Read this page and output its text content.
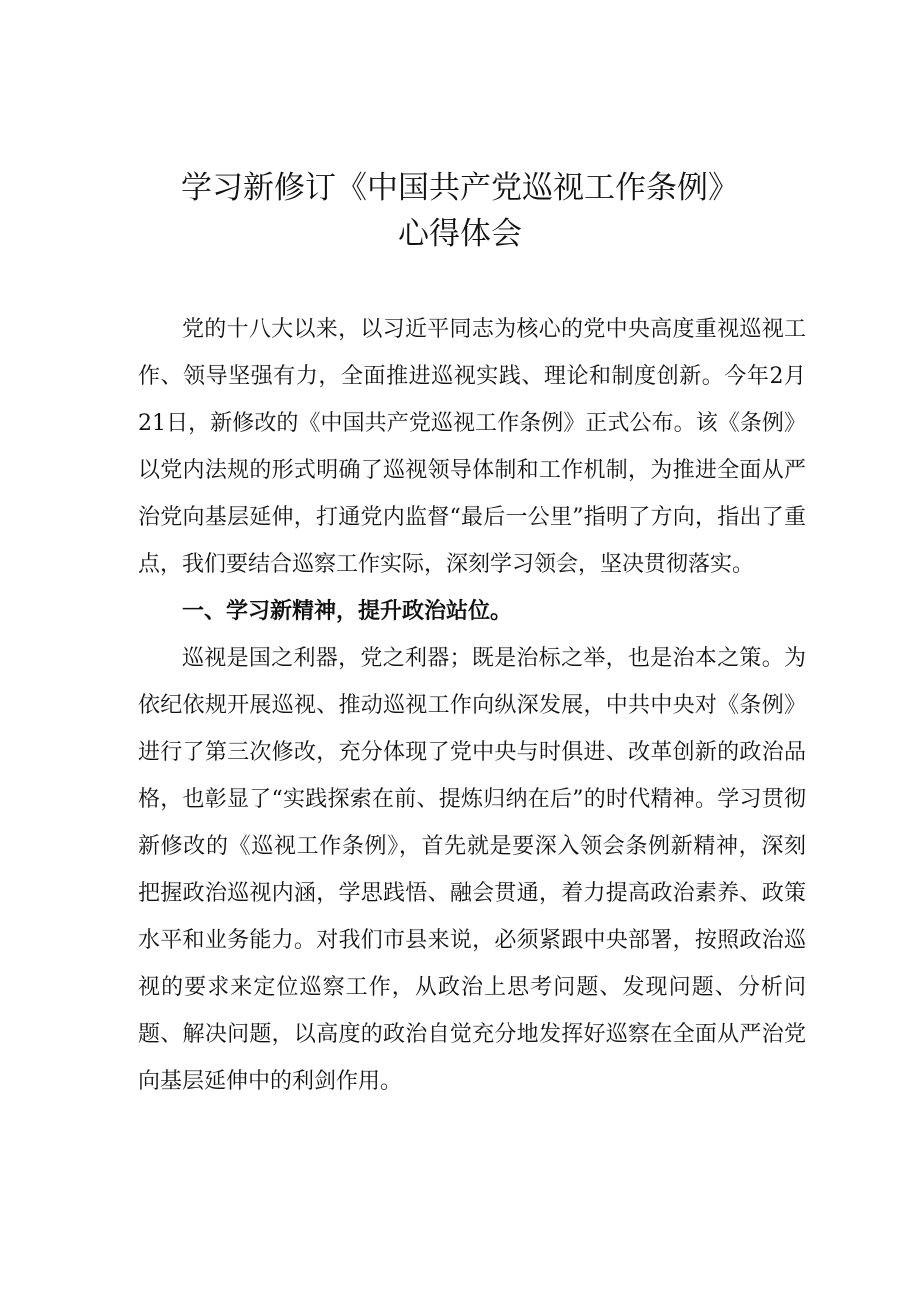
学习新修订《中国共产党巡视工作条例》
心得体会

党的十八大以来，以习近平同志为核心的党中央高度重视巡视工作、领导坚强有力，全面推进巡视实践、理论和制度创新。今年2月21日，新修改的《中国共产党巡视工作条例》正式公布。该《条例》以党内法规的形式明确了巡视领导体制和工作机制，为推进全面从严治党向基层延伸，打通党内监督“最后一公里”指明了方向，指出了重点，我们要结合巡察工作实际，深刻学习领会，坚决贯彻落实。

一、学习新精神，提升政治站位。

巡视是国之利器，党之利器；既是治标之举，也是治本之策。为依纪依规开展巡视、推动巡视工作向纵深发展，中共中央对《条例》进行了第三次修改，充分体现了党中央与时俱进、改革创新的政治品格，也彰显了“实践探索在前、提炼归纳在后”的时代精神。学习贯彻新修改的《巡视工作条例》，首先就是要深入领会条例新精神，深刻把握政治巡视内涵，学思践悟、融会贯通，着力提高政治素养、政策水平和业务能力。对我们市县来说，必须紧跟中央部署，按照政治巡视的要求来定位巡察工作，从政治上思考问题、发现问题、分析问题、解决问题，以高度的政治自觉充分地发挥好巡察在全面从严治党向基层延伸中的利剑作用。
